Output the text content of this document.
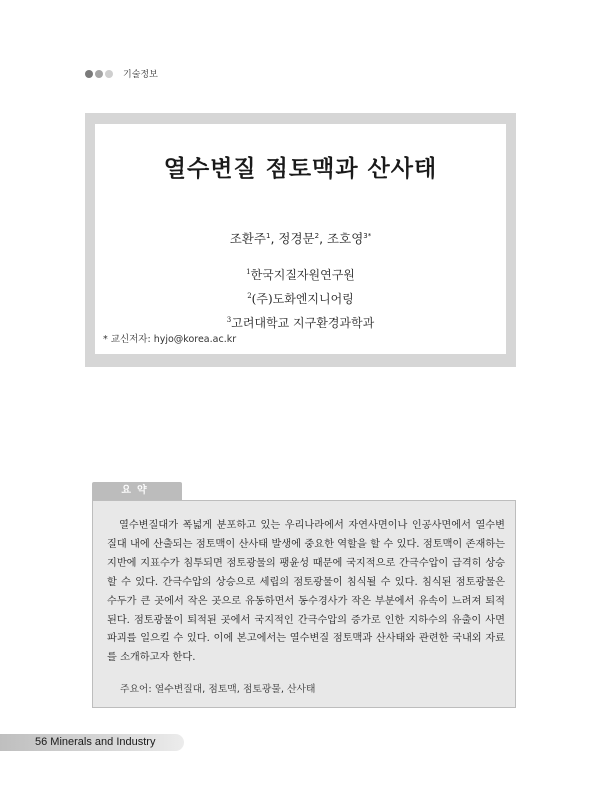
기술정보
열수변질 점토맥과 산사태
조환주$^1$, 정경문$^2$, 조호영$^{3*}$
$^1$한국지질자원연구원
$^2$(주)도화엔지니어링
$^3$고려대학교 지구환경과학과
* 교신저자: hyjo@korea.ac.kr
요약

열수변질대가 폭넓게 분포하고 있는 우리나라에서 자연사면이나 인공사면에서 열수변질대 내에 산출되는 점토맥이 산사태 발생에 중요한 역할을 할 수 있다. 점토맥이 존재하는 지반에 지표수가 침투되면 점토광물의 팽윤성 때문에 국지적으로 간극수압이 급격히 상승할 수 있다. 간극수압의 상승으로 세립의 점토광물이 침식될 수 있다. 침식된 점토광물은 수두가 큰 곳에서 작은 곳으로 유동하면서 동수경사가 작은 부분에서 유속이 느려져 퇴적된다. 점토광물이 퇴적된 곳에서 국지적인 간극수압의 증가로 인한 지하수의 유출이 사면파괴를 일으킬 수 있다. 이에 본고에서는 열수변질 점토맥과 산사태와 관련한 국내외 자료를 소개하고자 한다.

주요어: 열수변질대, 점토맥, 점토광물, 산사태
56 Minerals and Industry
